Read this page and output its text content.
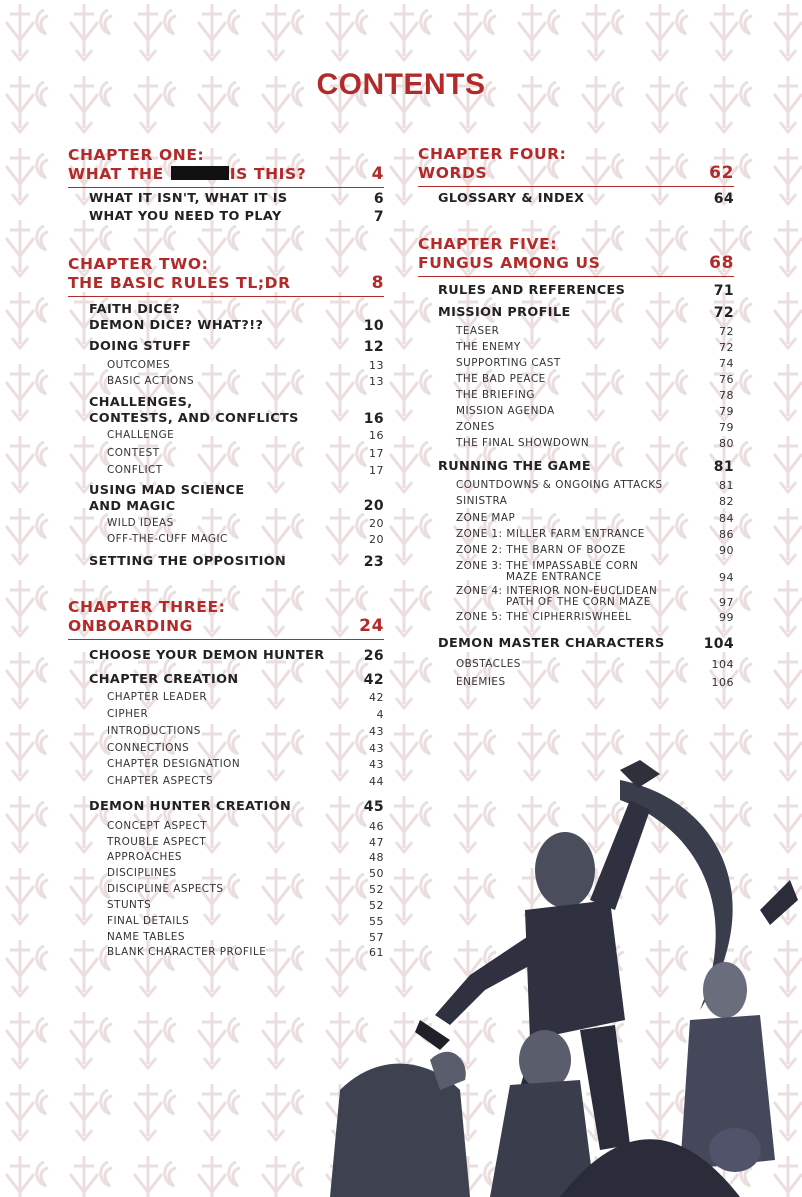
CONTENTS
CHAPTER ONE:
WHAT THE	IS THIS?	4
WHAT IT ISN'T, WHAT IT IS	6
WHAT YOU NEED TO PLAY	7
CHAPTER TWO:
THE BASIC RULES TL;DR	8
FAITH DICE?
DEMON DICE? WHAT?!?	10
DOING STUFF	12
OUTCOMES	13
BASIC ACTIONS	13
CHALLENGES,
CONTESTS, AND CONFLICTS	16
CHALLENGE	16
CONTEST	17
CONFLICT	17
USING MAD SCIENCE
AND MAGIC	20
WILD IDEAS	20
OFF-THE-CUFF MAGIC	20
SETTING THE OPPOSITION	23
CHAPTER THREE:
ONBOARDING	24
CHOOSE YOUR DEMON HUNTER	26
CHAPTER CREATION	42
CHAPTER LEADER	42
CIPHER	4
INTRODUCTIONS	43
CONNECTIONS	43
CHAPTER DESIGNATION	43
CHAPTER ASPECTS	44
DEMON HUNTER CREATION	45
CONCEPT ASPECT	46
TROUBLE ASPECT	47
APPROACHES	48
DISCIPLINES	50
DISCIPLINE ASPECTS	52
STUNTS	52
FINAL DETAILS	55
NAME TABLES	57
BLANK CHARACTER PROFILE	61
CHAPTER FOUR:
WORDS	62
GLOSSARY & INDEX	64
CHAPTER FIVE:
FUNGUS AMONG US	68
RULES AND REFERENCES	71
MISSION PROFILE	72
TEASER	72
THE ENEMY	72
SUPPORTING CAST	74
THE BAD PEACE	76
THE BRIEFING	78
MISSION AGENDA	79
ZONES	79
THE FINAL SHOWDOWN	80
RUNNING THE GAME	81
COUNTDOWNS & ONGOING ATTACKS	81
SINISTRA	82
ZONE MAP	84
ZONE 1: MILLER FARM ENTRANCE	86
ZONE 2: THE BARN OF BOOZE	90
ZONE 3: THE IMPASSABLE CORN
MAZE ENTRANCE	94
ZONE 4: INTERIOR NON-EUCLIDEAN
PATH OF THE CORN MAZE	97
ZONE 5: THE CIPHERRISWHEEL	99
DEMON MASTER CHARACTERS	104
OBSTACLES	104
ENEMIES	106
